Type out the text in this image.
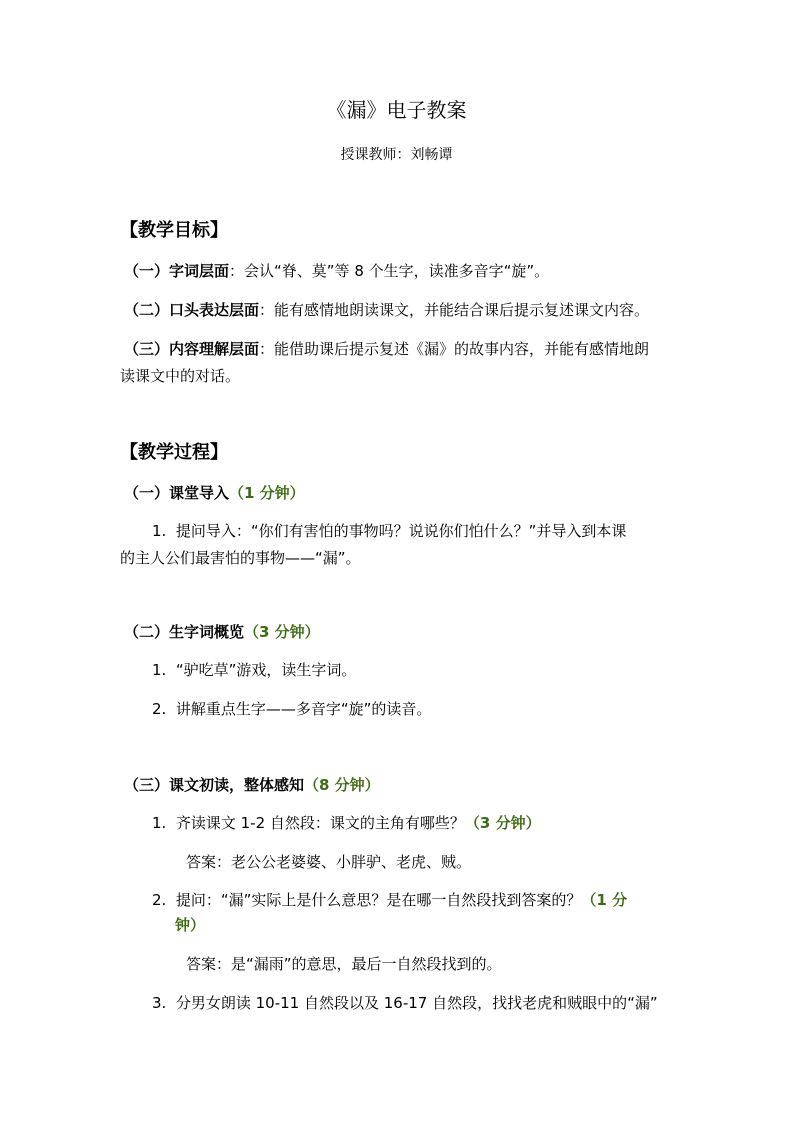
《漏》电子教案
授课教师：刘畅谭
【教学目标】
（一）字词层面：会认“脊、莫”等 8 个生字，读准多音字“旋”。
（二）口头表达层面：能有感情地朗读课文，并能结合课后提示复述课文内容。
（三）内容理解层面：能借助课后提示复述《漏》的故事内容，并能有感情地朗
读课文中的对话。
【教学过程】
（一）课堂导入（1 分钟）
1. 提问导入：“你们有害怕的事物吗？说说你们怕什么？”并导入到本课
的主人公们最害怕的事物——“漏”。
（二）生字词概览（3 分钟）
1. “驴吃草”游戏，读生字词。
2. 讲解重点生字——多音字“旋”的读音。
（三）课文初读，整体感知（8 分钟）
1. 齐读课文 1-2 自然段：课文的主角有哪些？（3 分钟）
答案：老公公老婆婆、小胖驴、老虎、贼。
2. 提问：“漏”实际上是什么意思？是在哪一自然段找到答案的？（1 分
钟）
答案：是“漏雨”的意思，最后一自然段找到的。
3. 分男女朗读 10-11 自然段以及 16-17 自然段，找找老虎和贼眼中的“漏”
